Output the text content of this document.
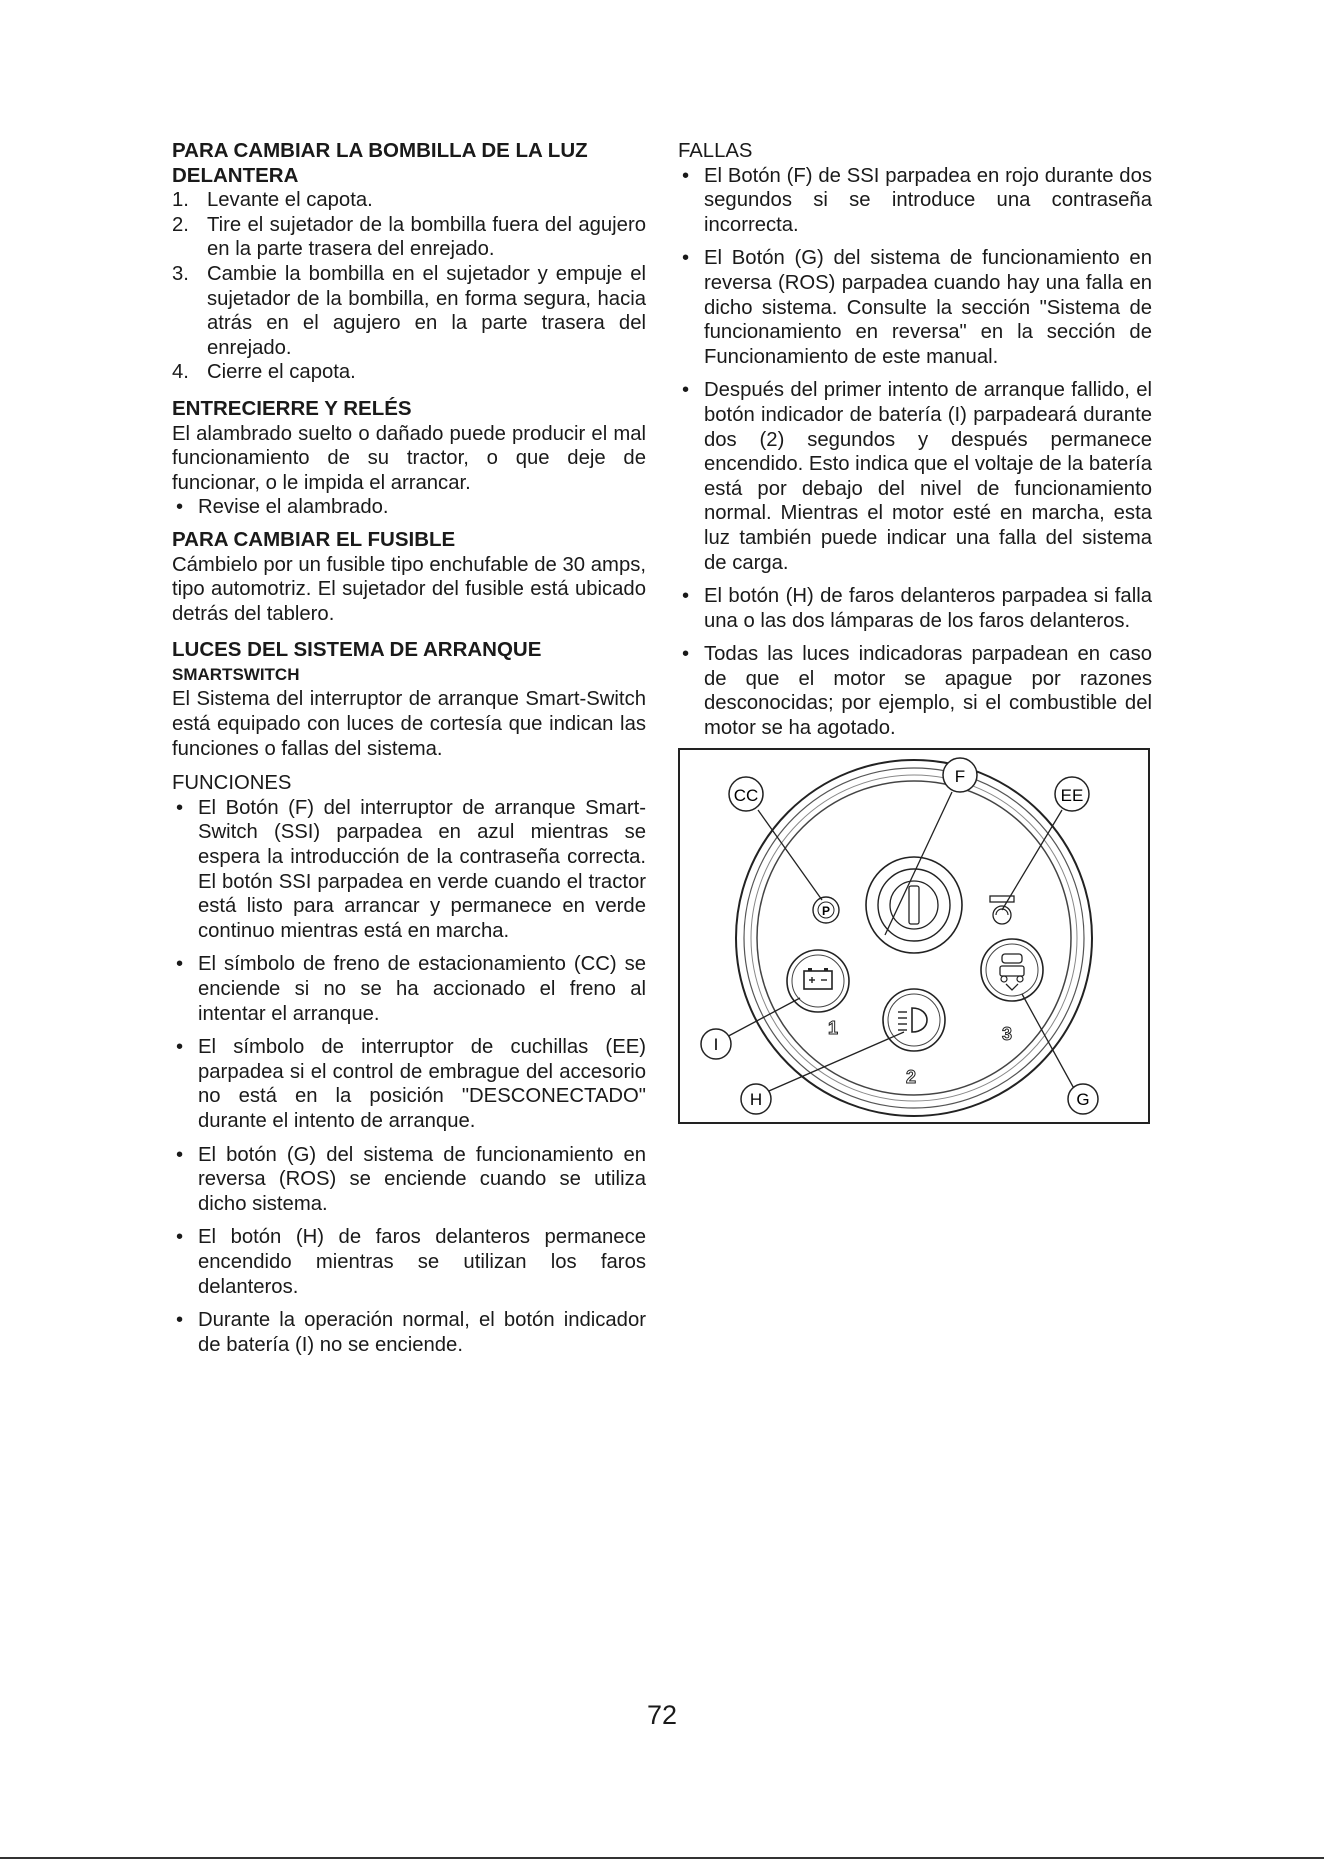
PARA CAMBIAR LA BOMBILLA DE LA LUZ DELANTERA
1. Levante el capota.
2. Tire el sujetador de la bombilla fuera del agujero en la parte trasera del enrejado.
3. Cambie la bombilla en el sujetador y empuje el sujetador de la bombilla, en forma segura, hacia atrás en el agujero en la parte trasera del enrejado.
4. Cierre el capota.
ENTRECIERRE Y RELÉS

El alambrado suelto o dañado puede producir el mal funcionamiento de su tractor, o que deje de funcionar, o le impida el arrancar.

• Revise el alambrado.
PARA CAMBIAR EL FUSIBLE

Cámbielo por un fusible tipo enchufable de 30 amps, tipo automotriz. El sujetador del fusible está ubicado detrás del tablero.

LUCES DEL SISTEMA DE ARRANQUE
SMARTSWITCH

El Sistema del interruptor de arranque Smart-Switch está equipado con luces de cortesía que indican las funciones o fallas del sistema.

FUNCIONES
• El Botón (F) del interruptor de arranque Smart-Switch (SSI) parpadea en azul mientras se espera la introducción de la contraseña correcta. El botón SSI parpadea en verde cuando el tractor está listo para arrancar y permanece en verde continuo mientras está en marcha.
• El símbolo de freno de estacionamiento (CC) se enciende si no se ha accionado el freno al intentar el arranque.
• El símbolo de interruptor de cuchillas (EE) parpadea si el control de embrague del accesorio no está en la posición "DESCONECTADO" durante el intento de arranque.
• El botón (G) del sistema de funcionamiento en reversa (ROS) se enciende cuando se utiliza dicho sistema.
• El botón (H) de faros delanteros permanece encendido mientras se utilizan los faros delanteros.
• Durante la operación normal, el botón indicador de batería (I) no se enciende.
FALLAS
• El Botón (F) de SSI parpadea en rojo durante dos segundos si se introduce una contraseña incorrecta.
• El Botón (G) del sistema de funcionamiento en reversa (ROS) parpadea cuando hay una falla en dicho sistema. Consulte la sección "Sistema de funcionamiento en reversa" en la sección de Funcionamiento de este manual.
• Después del primer intento de arranque fallido, el botón indicador de batería (I) parpadeará durante dos (2) segundos y después permanece encendido. Esto indica que el voltaje de la batería está por debajo del nivel de funcionamiento normal. Mientras el motor esté en marcha, esta luz también puede indicar una falla del sistema de carga.
• El botón (H) de faros delanteros parpadea si falla una o las dos lámparas de los faros delanteros.
• Todas las luces indicadoras parpadean en caso de que el motor se apague por razones desconocidas; por ejemplo, si el combustible del motor se ha agotado.
P
1
2
3
CC
F
EE
I
H	G
72
